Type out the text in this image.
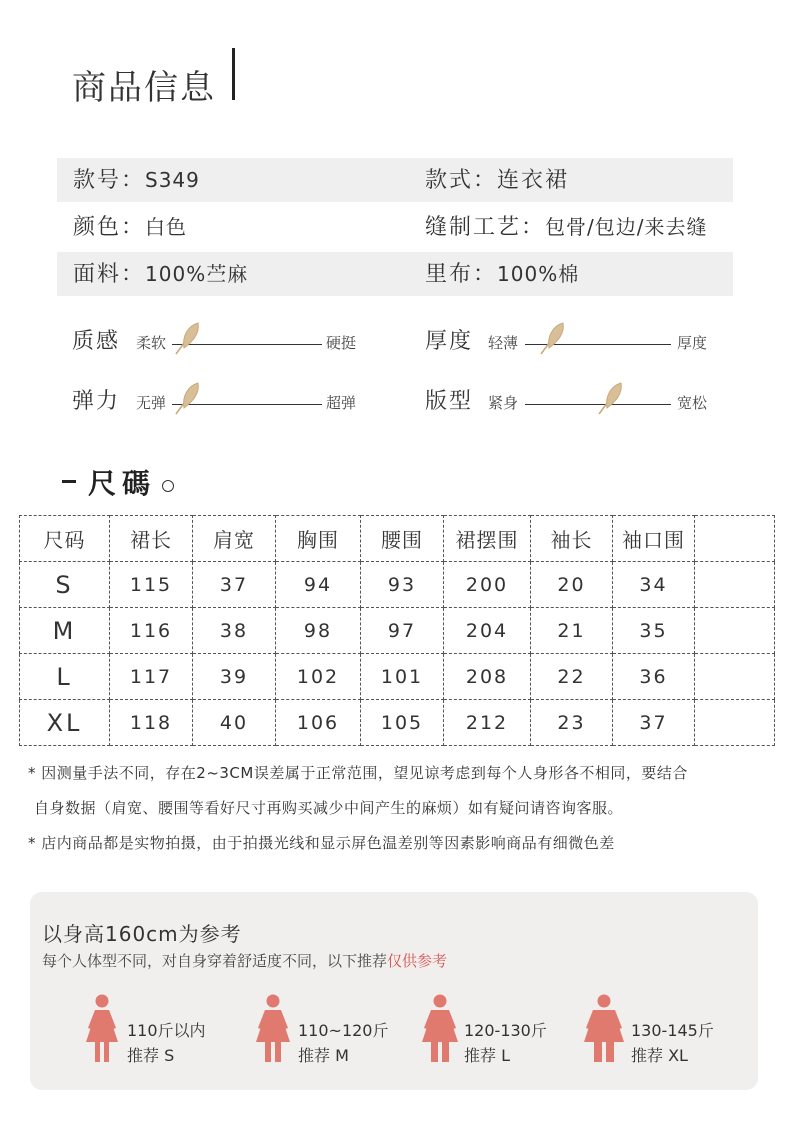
商品信息
款号：S349	款式：连衣裙
颜色：白色	缝制工艺：包骨/包边/来去缝
面料：100%苎麻	里布：100%棉
质感 柔软	硬挺	厚度 轻薄	厚度
弹力 无弹	超弹	版型 紧身	宽松
尺碼
尺码	裙长	肩宽	胸围	腰围	裙摆围	袖长	袖口围	
S	115	37	94	93	200	20	34	
M	116	38	98	97	204	21	35	
L	117	39	102	101	208	22	36	
XL	118	40	106	105	212	23	37	
* 因测量手法不同，存在2~3CM误差属于正常范围，望见谅考虑到每个人身形各不相同，要结合
自身数据（肩宽、腰围等看好尺寸再购买减少中间产生的麻烦）如有疑问请咨询客服。
* 店内商品都是实物拍摄，由于拍摄光线和显示屏色温差别等因素影响商品有细微色差
以身高160cm为参考
每个人体型不同，对自身穿着舒适度不同，以下推荐仅供参考
110斤以内
推荐 S
110~120斤
推荐 M
120-130斤
推荐 L
130-145斤
推荐 XL
